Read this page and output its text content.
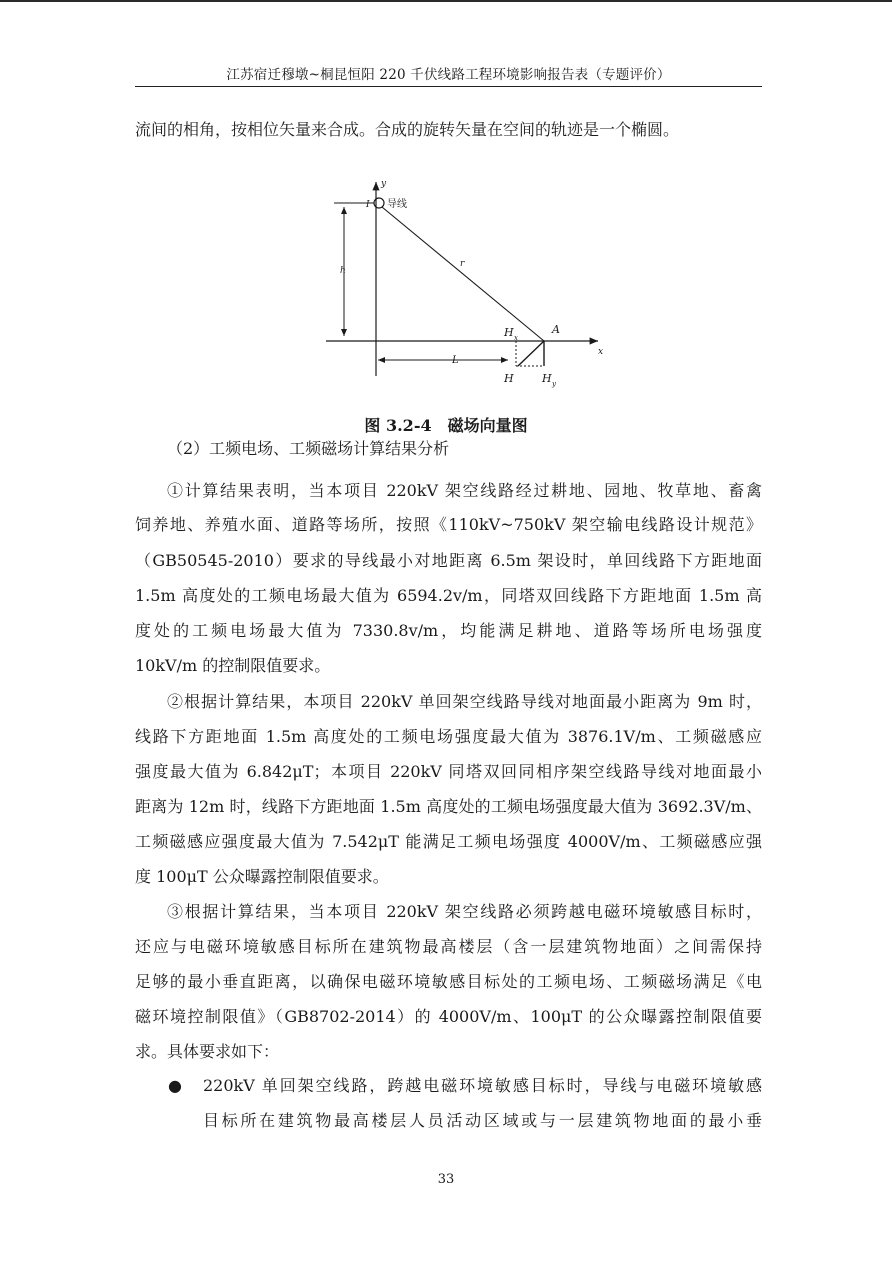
江苏宿迁穆墩~桐昆恒阳 220 千伏线路工程环境影响报告表（专题评价）
流间的相角，按相位矢量来合成。合成的旋转矢量在空间的轨迹是一个椭圆。
y
x
I 导线
h
r
H x
A
L
H	H y
图 3.2-4　磁场向量图
（2）工频电场、工频磁场计算结果分析
①计算结果表明，当本项目 220kV 架空线路经过耕地、园地、牧草地、畜禽
饲养地、养殖水面、道路等场所，按照《110kV~750kV 架空输电线路设计规范》
（GB50545-2010）要求的导线最小对地距离 6.5m 架设时，单回线路下方距地面
1.5m 高度处的工频电场最大值为 6594.2v/m，同塔双回线路下方距地面 1.5m 高
度处的工频电场最大值为 7330.8v/m，均能满足耕地、道路等场所电场强度
10kV/m 的控制限值要求。
②根据计算结果，本项目 220kV 单回架空线路导线对地面最小距离为 9m 时，
线路下方距地面 1.5m 高度处的工频电场强度最大值为 3876.1V/m、工频磁感应
强度最大值为 6.842μT；本项目 220kV 同塔双回同相序架空线路导线对地面最小
距离为 12m 时，线路下方距地面 1.5m 高度处的工频电场强度最大值为 3692.3V/m、
工频磁感应强度最大值为 7.542μT 能满足工频电场强度 4000V/m、工频磁感应强
度 100μT 公众曝露控制限值要求。
③根据计算结果，当本项目 220kV 架空线路必须跨越电磁环境敏感目标时，
还应与电磁环境敏感目标所在建筑物最高楼层（含一层建筑物地面）之间需保持
足够的最小垂直距离，以确保电磁环境敏感目标处的工频电场、工频磁场满足《电
磁环境控制限值》（GB8702-2014）的 4000V/m、100μT 的公众曝露控制限值要
求。具体要求如下：
● 220kV 单回架空线路，跨越电磁环境敏感目标时，导线与电磁环境敏感
目标所在建筑物最高楼层人员活动区域或与一层建筑物地面的最小垂
33
